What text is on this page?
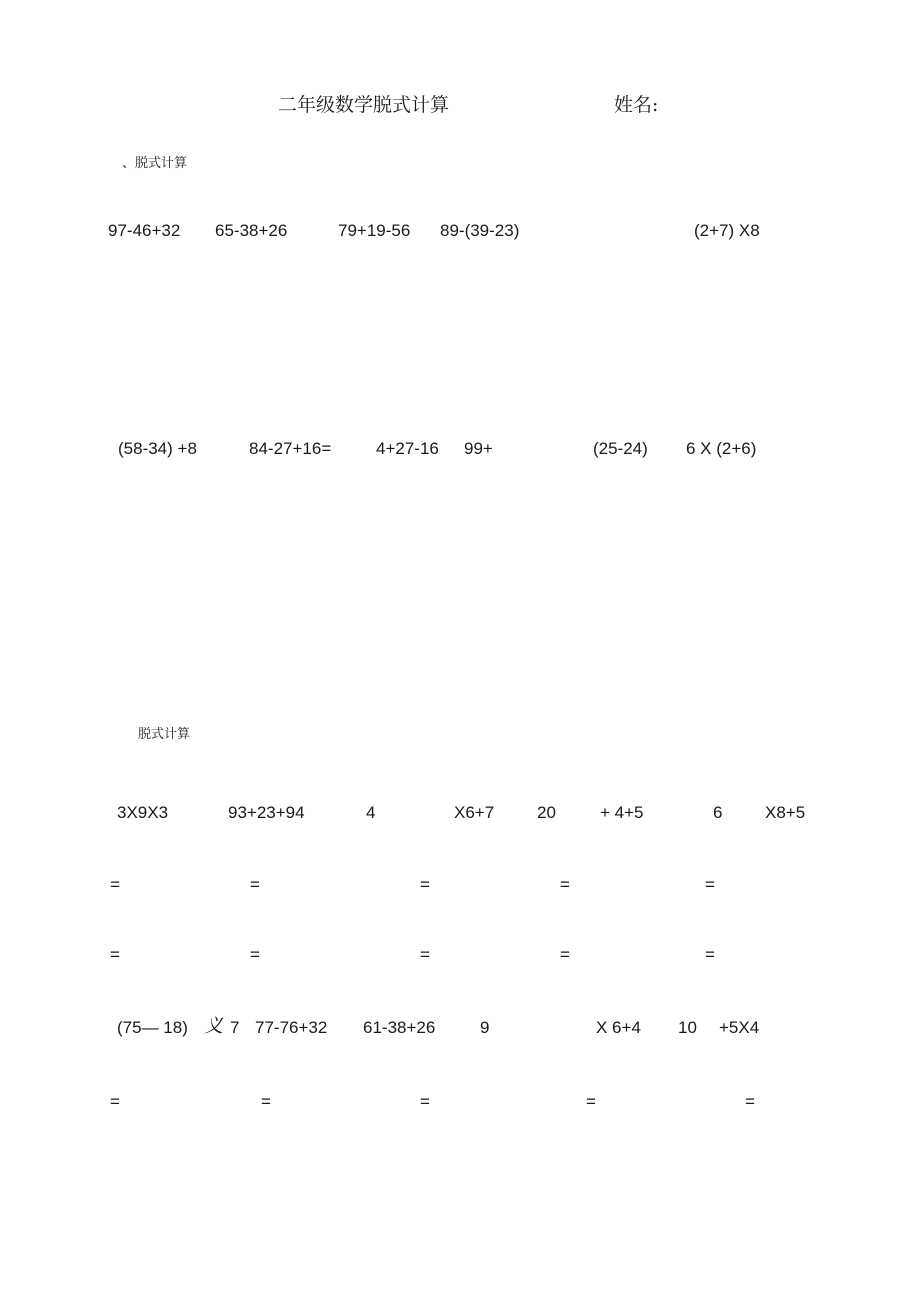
二年级数学脱式计算	姓名:
、脱式计算
97-46+32 65-38+26	79+19-56 89-(39-23)	(2+7) X8
(58-34) +8	84-27+16=	4+27-16 99+	(25-24) 6 X (2+6)
脱式计算
3X9X3	93+23+94	4	X6+7	20	+ 4+5	6	X8+5
=	=	=	=	=
=	=	=	=	=
(75— 18) 义 7 77-76+32 61-38+26	9	X 6+4 10 +5X4
=	=	=	=	=
